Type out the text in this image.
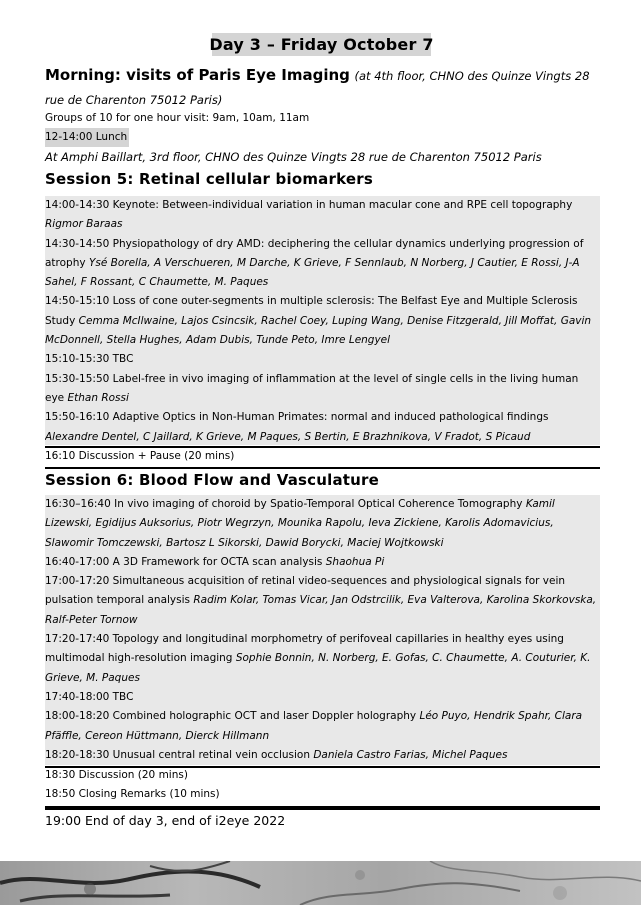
Day 3 – Friday October 7
Morning: visits of Paris Eye Imaging (at 4th floor, CHNO des Quinze Vingts 28 rue de Charenton 75012 Paris)
Groups of 10 for one hour visit: 9am, 10am, 11am
12-14:00 Lunch
At Amphi Baillart, 3rd floor, CHNO des Quinze Vingts 28 rue de Charenton 75012 Paris
Session 5: Retinal cellular biomarkers

14:00-14:30 Keynote: Between-individual variation in human macular cone and RPE cell topography Rigmor Baraas

14:30-14:50 Physiopathology of dry AMD: deciphering the cellular dynamics underlying progression of atrophy Ysé Borella, A Verschueren, M Darche, K Grieve, F Sennlaub, N Norberg, J Cautier, E Rossi, J-A Sahel, F Rossant, C Chaumette, M. Paques

14:50-15:10 Loss of cone outer-segments in multiple sclerosis: The Belfast Eye and Multiple Sclerosis Study Cemma McIlwaine, Lajos Csincsik, Rachel Coey, Luping Wang, Denise Fitzgerald, Jill Moffat, Gavin McDonnell, Stella Hughes, Adam Dubis, Tunde Peto, Imre Lengyel

15:10-15:30 TBC

15:30-15:50 Label-free in vivo imaging of inflammation at the level of single cells in the living human eye Ethan Rossi

15:50-16:10 Adaptive Optics in Non-Human Primates: normal and induced pathological findings Alexandre Dentel, C Jaillard, K Grieve, M Paques, S Bertin, E Brazhnikova, V Fradot, S Picaud

16:10 Discussion + Pause (20 mins)
Session 6: Blood Flow and Vasculature

16:30–16:40 In vivo imaging of choroid by Spatio-Temporal Optical Coherence Tomography Kamil Lizewski, Egidijus Auksorius, Piotr Wegrzyn, Mounika Rapolu, Ieva Zickiene, Karolis Adomavicius, Slawomir Tomczewski, Bartosz L Sikorski, Dawid Borycki, Maciej Wojtkowski

16:40-17:00 A 3D Framework for OCTA scan analysis Shaohua Pi

17:00-17:20 Simultaneous acquisition of retinal video-sequences and physiological signals for vein pulsation temporal analysis Radim Kolar, Tomas Vicar, Jan Odstrcilik, Eva Valterova, Karolina Skorkovska, Ralf-Peter Tornow

17:20-17:40 Topology and longitudinal morphometry of perifoveal capillaries in healthy eyes using multimodal high-resolution imaging Sophie Bonnin, N. Norberg, E. Gofas, C. Chaumette, A. Couturier, K. Grieve, M. Paques

17:40-18:00 TBC

18:00-18:20 Combined holographic OCT and laser Doppler holography Léo Puyo, Hendrik Spahr, Clara Pfäffle, Cereon Hüttmann, Dierck Hillmann

18:20-18:30 Unusual central retinal vein occlusion Daniela Castro Farias, Michel Paques

18:30 Discussion (20 mins)
18:50 Closing Remarks (10 mins)
19:00 End of day 3, end of i2eye 2022
